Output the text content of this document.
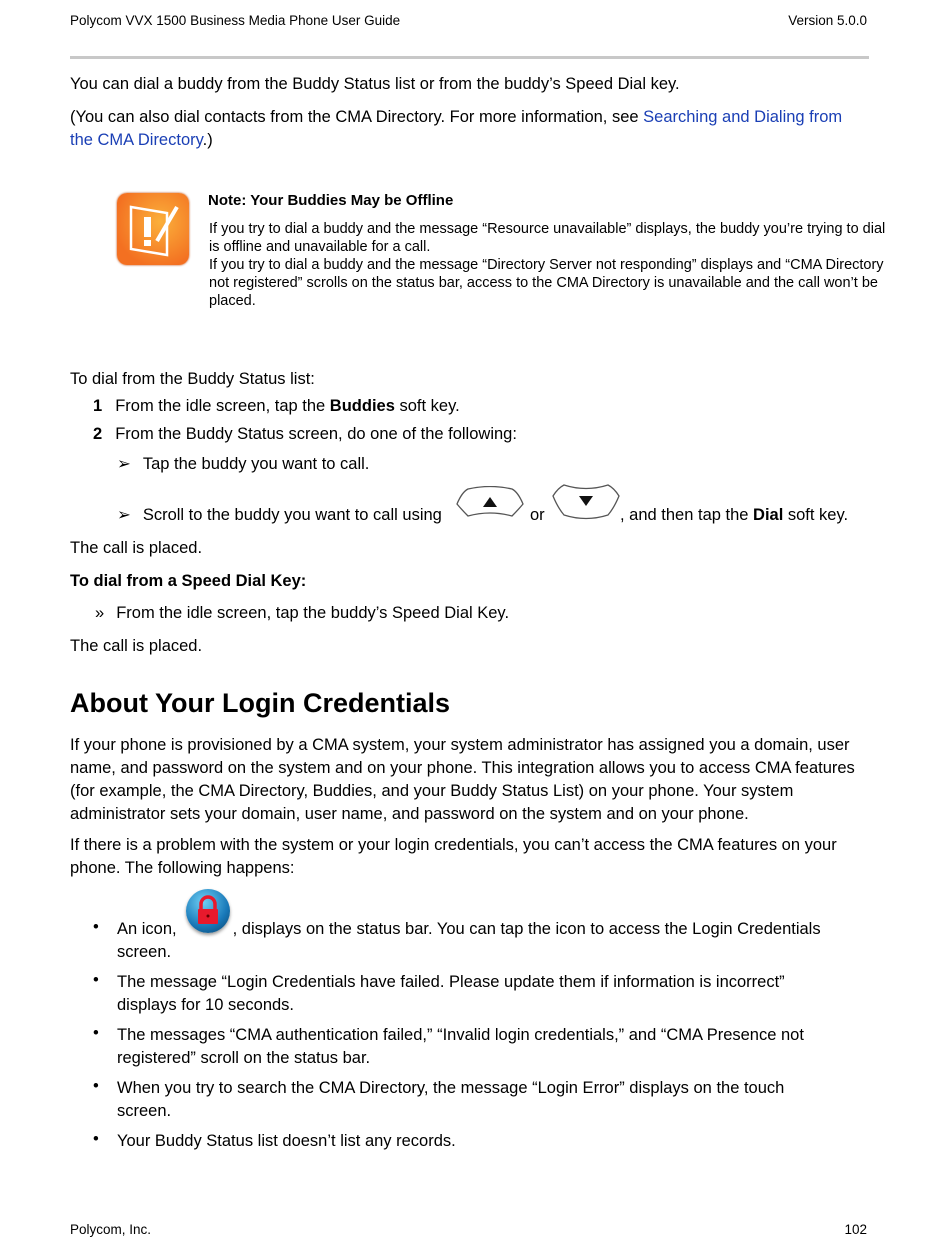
Polycom VVX 1500 Business Media Phone User Guide	Version 5.0.0
You can dial a buddy from the Buddy Status list or from the buddy’s Speed Dial key.
(You can also dial contacts from the CMA Directory. For more information, see Searching and Dialing from the CMA Directory.)
Note: Your Buddies May be Offline
If you try to dial a buddy and the message “Resource unavailable” displays, the buddy you’re trying to dial is offline and unavailable for a call.
If you try to dial a buddy and the message “Directory Server not responding” displays and “CMA Directory not registered” scrolls on the status bar, access to the CMA Directory is unavailable and the call won’t be placed.
To dial from the Buddy Status list:
1 From the idle screen, tap the Buddies soft key.
2 From the Buddy Status screen, do one of the following:
➢ Tap the buddy you want to call.
➢ Scroll to the buddy you want to call using	or	, and then tap the Dial soft key.
The call is placed.
To dial from a Speed Dial Key:
» From the idle screen, tap the buddy’s Speed Dial Key.
The call is placed.
About Your Login Credentials
If your phone is provisioned by a CMA system, your system administrator has assigned you a domain, user name, and password on the system and on your phone. This integration allows you to access CMA features (for example, the CMA Directory, Buddies, and your Buddy Status List) on your phone. Your system administrator sets your domain, user name, and password on the system and on your phone.
If there is a problem with the system or your login credentials, you can’t access the CMA features on your phone. The following happens:
• An icon,	, displays on the status bar. You can tap the icon to access the Login Credentials screen.
• The message “Login Credentials have failed. Please update them if information is incorrect” displays for 10 seconds.
• The messages “CMA authentication failed,” “Invalid login credentials,” and “CMA Presence not registered” scroll on the status bar.
• When you try to search the CMA Directory, the message “Login Error” displays on the touch screen.
• Your Buddy Status list doesn’t list any records.
Polycom, Inc.	102
